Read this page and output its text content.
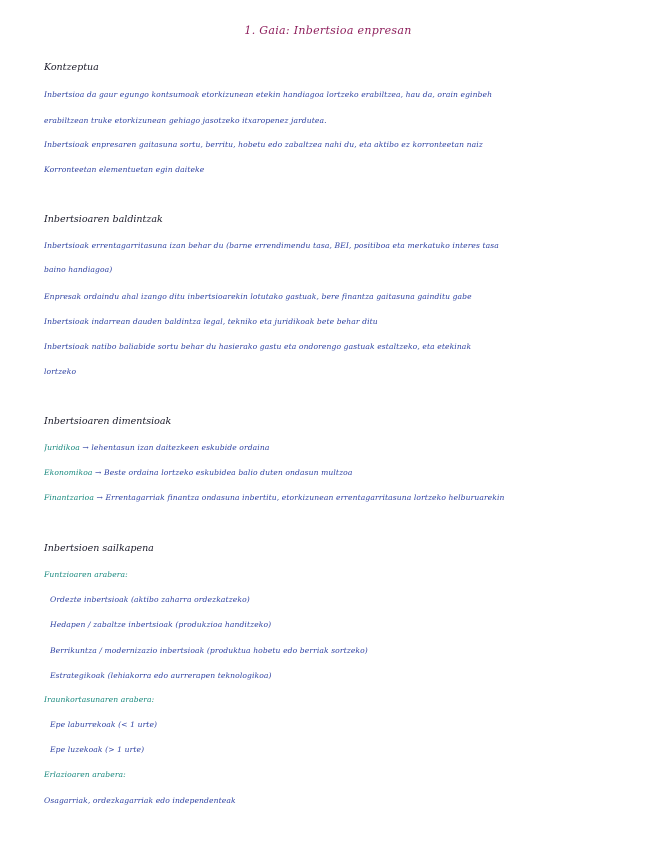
1. Gaia: Inbertsioa enpresan
Kontzeptua
Inbertsioa da gaur egungo kontsumoak etorkizunean etekin handiagoa lortzeko erabiltzea, hau da, orain eginbeh
erabiltzean truke etorkizunean gehiago jasotzeko itxaropenez jardutea.
Inbertsioak enpresaren gaitasuna sortu, berritu, hobetu edo zabaltzea nahi du, eta aktibo ez korronteetan naiz
Korronteetan elementuetan egin daiteke
Inbertsioaren baldintzak
Inbertsioak errentagarritasuna izan behar du (barne errendimendu tasa, BEI, positiboa eta merkatuko interes tasa
baino handiagoa)
Enpresak ordaindu ahal izango ditu inbertsioarekin lotutako gastuak, bere finantza gaitasuna gainditu gabe
Inbertsioak indarrean dauden baldintza legal, tekniko eta juridikoak bete behar ditu
Inbertsioak natibo baliabide sortu behar du hasierako gastu eta ondorengo gastuak estaltzeko, eta etekinak
lortzeko
Inbertsioaren dimentsioak
Juridikoa → lehentasun izan daitezkeen eskubide ordaina
Ekonomikoa → Beste ordaina lortzeko eskubidea balio duten ondasun multzoa
Finantzarioa → Errentagarriak finantza ondasuna inbertitu, etorkizunean errentagarritasuna lortzeko helburuarekin
Inbertsioen sailkapena
Funtzioaren arabera:
Ordezte inbertsioak (aktibo zaharra ordezkatzeko)
Hedapen / zabaltze inbertsioak (produkzioa handitzeko)
Berrikuntza / modernizazio inbertsioak (produktua hobetu edo berriak sortzeko)
Estrategikoak (lehiakorra edo aurrerapen teknologikoa)
Iraunkortasunaren arabera:
Epe laburrekoak (< 1 urte)
Epe luzekoak (> 1 urte)
Erlazioaren arabera:
Osagarriak, ordezkagarriak edo independenteak
